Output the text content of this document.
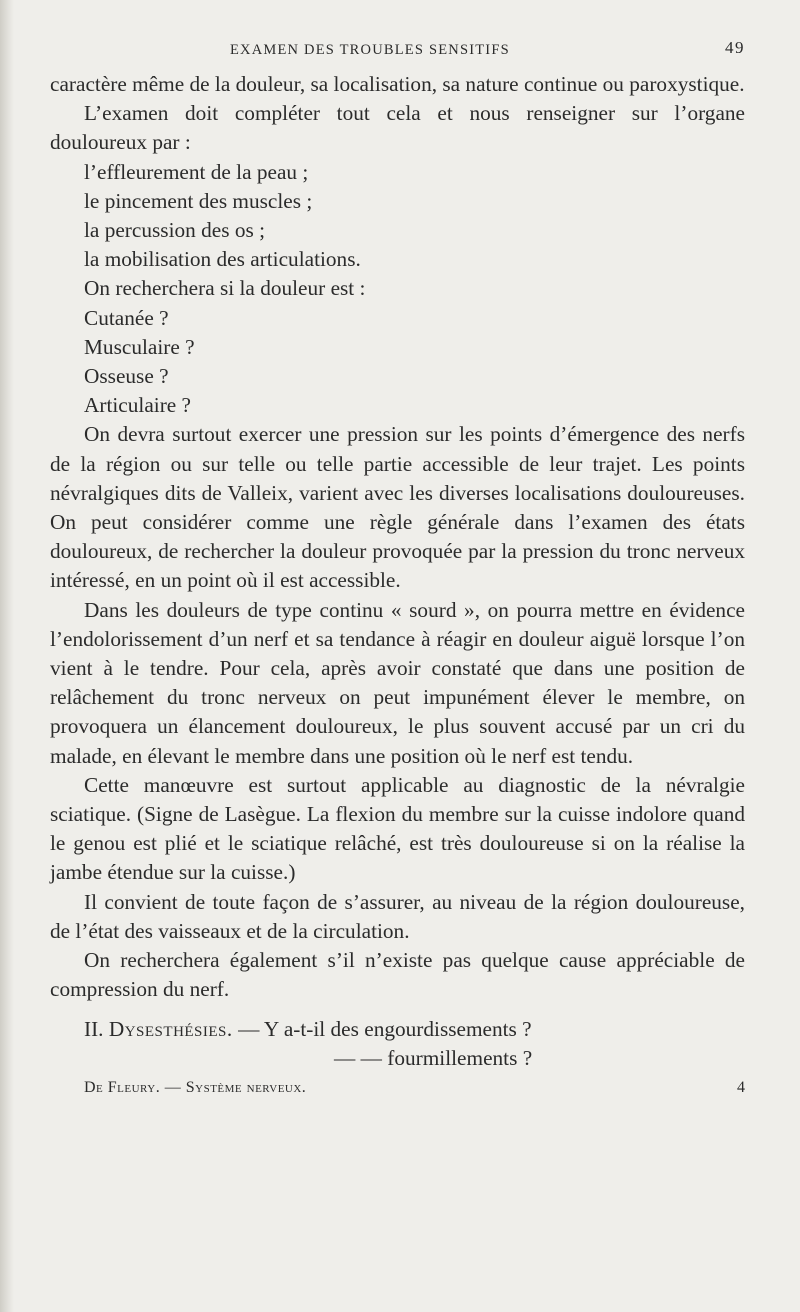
EXAMEN DES TROUBLES SENSITIFS	49

caractère même de la douleur, sa localisation, sa nature continue ou paroxystique.

L’examen doit compléter tout cela et nous renseigner sur l’organe douloureux par :

l’effleurement de la peau ;

le pincement des muscles ;

la percussion des os ;

la mobilisation des articulations.

On recherchera si la douleur est :

Cutanée ?

Musculaire ?

Osseuse ?

Articulaire ?

On devra surtout exercer une pression sur les points d’émergence des nerfs de la région ou sur telle ou telle partie accessible de leur trajet. Les points névralgiques dits de Valleix, varient avec les diverses localisations douloureuses. On peut considérer comme une règle générale dans l’examen des états douloureux, de rechercher la douleur provoquée par la pression du tronc nerveux intéressé, en un point où il est accessible.

Dans les douleurs de type continu « sourd », on pourra mettre en évidence l’endolorissement d’un nerf et sa tendance à réagir en douleur aiguë lorsque l’on vient à le tendre. Pour cela, après avoir constaté que dans une position de relâchement du tronc nerveux on peut impunément élever le membre, on provoquera un élancement douloureux, le plus souvent accusé par un cri du malade, en élevant le membre dans une position où le nerf est tendu.

Cette manœuvre est surtout applicable au diagnostic de la névralgie sciatique. (Signe de Lasègue. La flexion du membre sur la cuisse indolore quand le genou est plié et le sciatique relâché, est très douloureuse si on la réalise la jambe étendue sur la cuisse.)

Il convient de toute façon de s’assurer, au niveau de la région douloureuse, de l’état des vaisseaux et de la circulation.

On recherchera également s’il n’existe pas quelque cause appréciable de compression du nerf.

II. Dysesthésies. — Y a-t-il des engourdissements ?

— — fourmillements ?

De Fleury. — Système nerveux.	4
